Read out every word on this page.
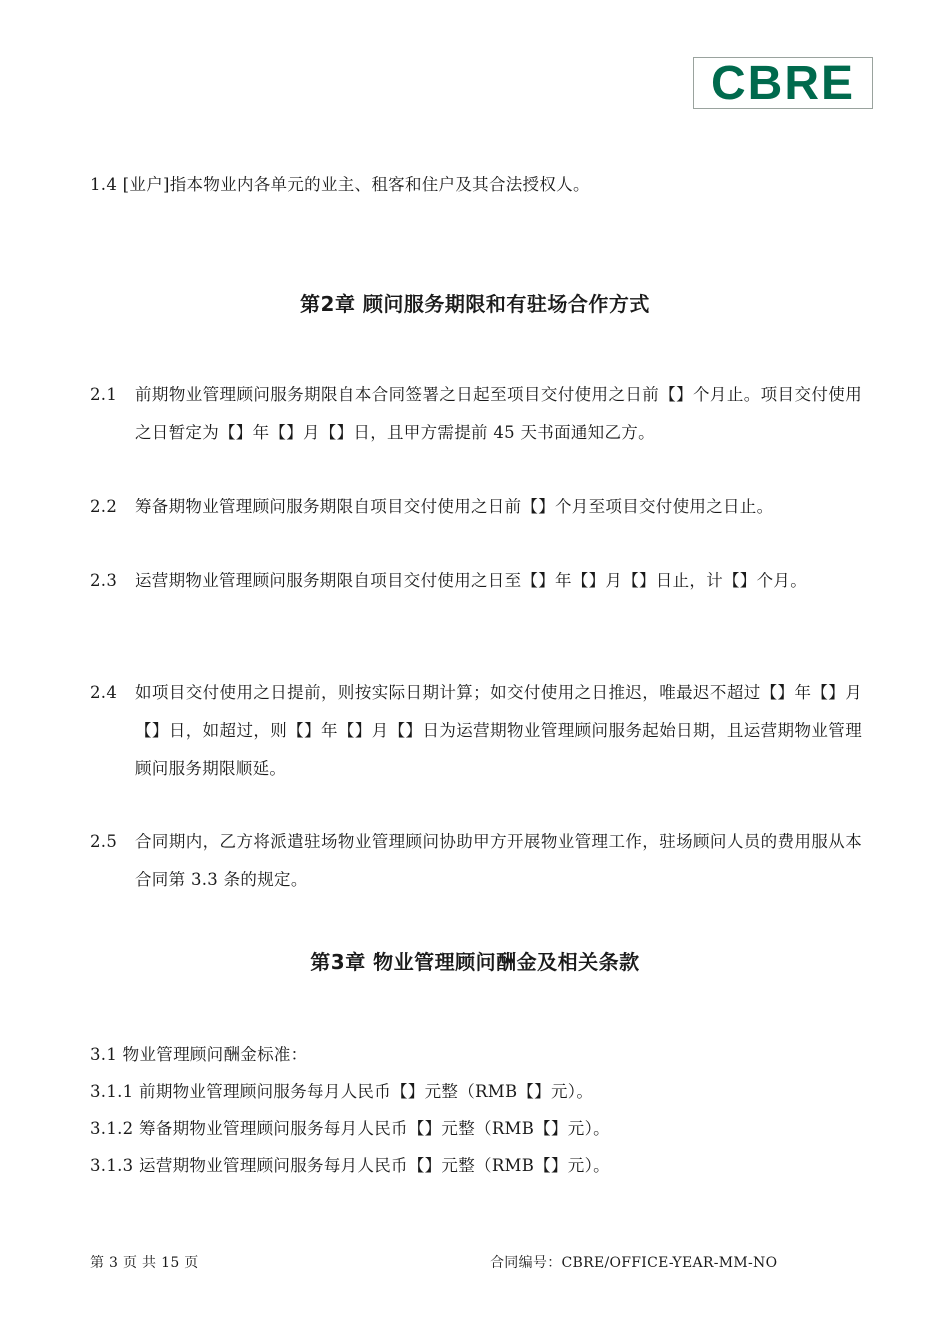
CBRE
1.4 [业户]指本物业内各单元的业主、租客和住户及其合法授权人。
第2章 顾问服务期限和有驻场合作方式
2.1 前期物业管理顾问服务期限自本合同签署之日起至项目交付使用之日前【】个月止。项目交付使用之日暂定为【】年【】月【】日，且甲方需提前 45 天书面通知乙方。
2.2 筹备期物业管理顾问服务期限自项目交付使用之日前【】个月至项目交付使用之日止。
2.3 运营期物业管理顾问服务期限自项目交付使用之日至【】年【】月【】日止，计【】个月。
2.4 如项目交付使用之日提前，则按实际日期计算；如交付使用之日推迟，唯最迟不超过【】年【】月【】日，如超过，则【】年【】月【】日为运营期物业管理顾问服务起始日期，且运营期物业管理顾问服务期限顺延。
2.5 合同期内，乙方将派遣驻场物业管理顾问协助甲方开展物业管理工作，驻场顾问人员的费用服从本合同第 3.3 条的规定。
第3章 物业管理顾问酬金及相关条款
3.1 物业管理顾问酬金标准：
3.1.1 前期物业管理顾问服务每月人民币【】元整（RMB【】元）。
3.1.2 筹备期物业管理顾问服务每月人民币【】元整（RMB【】元）。
3.1.3 运营期物业管理顾问服务每月人民币【】元整（RMB【】元）。
第 3 页 共 15 页	合同编号：CBRE/OFFICE-YEAR-MM-NO
